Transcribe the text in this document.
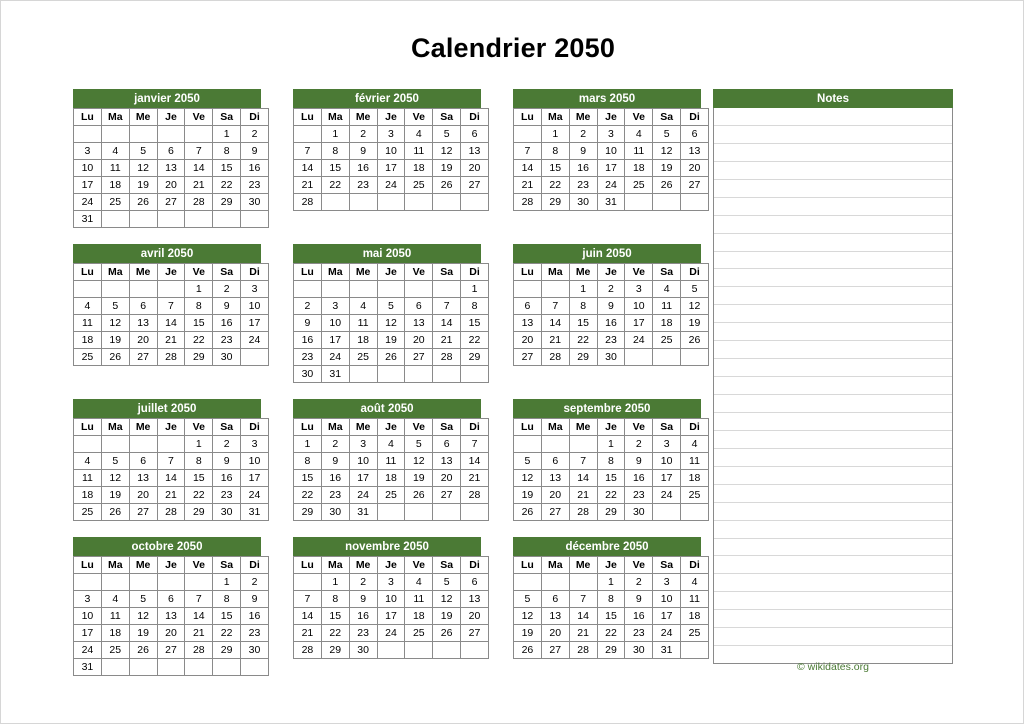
Calendrier 2050
janvier 2050
Lu	Ma	Me	Je	Ve	Sa	Di
					1	2
3	4	5	6	7	8	9
10	11	12	13	14	15	16
17	18	19	20	21	22	23
24	25	26	27	28	29	30
31						
février 2050
Lu	Ma	Me	Je	Ve	Sa	Di
	1	2	3	4	5	6
7	8	9	10	11	12	13
14	15	16	17	18	19	20
21	22	23	24	25	26	27
28						
mars 2050
Lu	Ma	Me	Je	Ve	Sa	Di
	1	2	3	4	5	6
7	8	9	10	11	12	13
14	15	16	17	18	19	20
21	22	23	24	25	26	27
28	29	30	31			
avril 2050
Lu	Ma	Me	Je	Ve	Sa	Di
				1	2	3
4	5	6	7	8	9	10
11	12	13	14	15	16	17
18	19	20	21	22	23	24
25	26	27	28	29	30	
mai 2050
Lu	Ma	Me	Je	Ve	Sa	Di
						1
2	3	4	5	6	7	8
9	10	11	12	13	14	15
16	17	18	19	20	21	22
23	24	25	26	27	28	29
30	31					
juin 2050
Lu	Ma	Me	Je	Ve	Sa	Di
		1	2	3	4	5
6	7	8	9	10	11	12
13	14	15	16	17	18	19
20	21	22	23	24	25	26
27	28	29	30			
juillet 2050
Lu	Ma	Me	Je	Ve	Sa	Di
				1	2	3
4	5	6	7	8	9	10
11	12	13	14	15	16	17
18	19	20	21	22	23	24
25	26	27	28	29	30	31
août 2050
Lu	Ma	Me	Je	Ve	Sa	Di
1	2	3	4	5	6	7
8	9	10	11	12	13	14
15	16	17	18	19	20	21
22	23	24	25	26	27	28
29	30	31				
septembre 2050
Lu	Ma	Me	Je	Ve	Sa	Di
			1	2	3	4
5	6	7	8	9	10	11
12	13	14	15	16	17	18
19	20	21	22	23	24	25
26	27	28	29	30		
octobre 2050
Lu	Ma	Me	Je	Ve	Sa	Di
					1	2
3	4	5	6	7	8	9
10	11	12	13	14	15	16
17	18	19	20	21	22	23
24	25	26	27	28	29	30
31						
novembre 2050
Lu	Ma	Me	Je	Ve	Sa	Di
	1	2	3	4	5	6
7	8	9	10	11	12	13
14	15	16	17	18	19	20
21	22	23	24	25	26	27
28	29	30				
décembre 2050
Lu	Ma	Me	Je	Ve	Sa	Di
			1	2	3	4
5	6	7	8	9	10	11
12	13	14	15	16	17	18
19	20	21	22	23	24	25
26	27	28	29	30	31	
Notes
© wikidates.org
